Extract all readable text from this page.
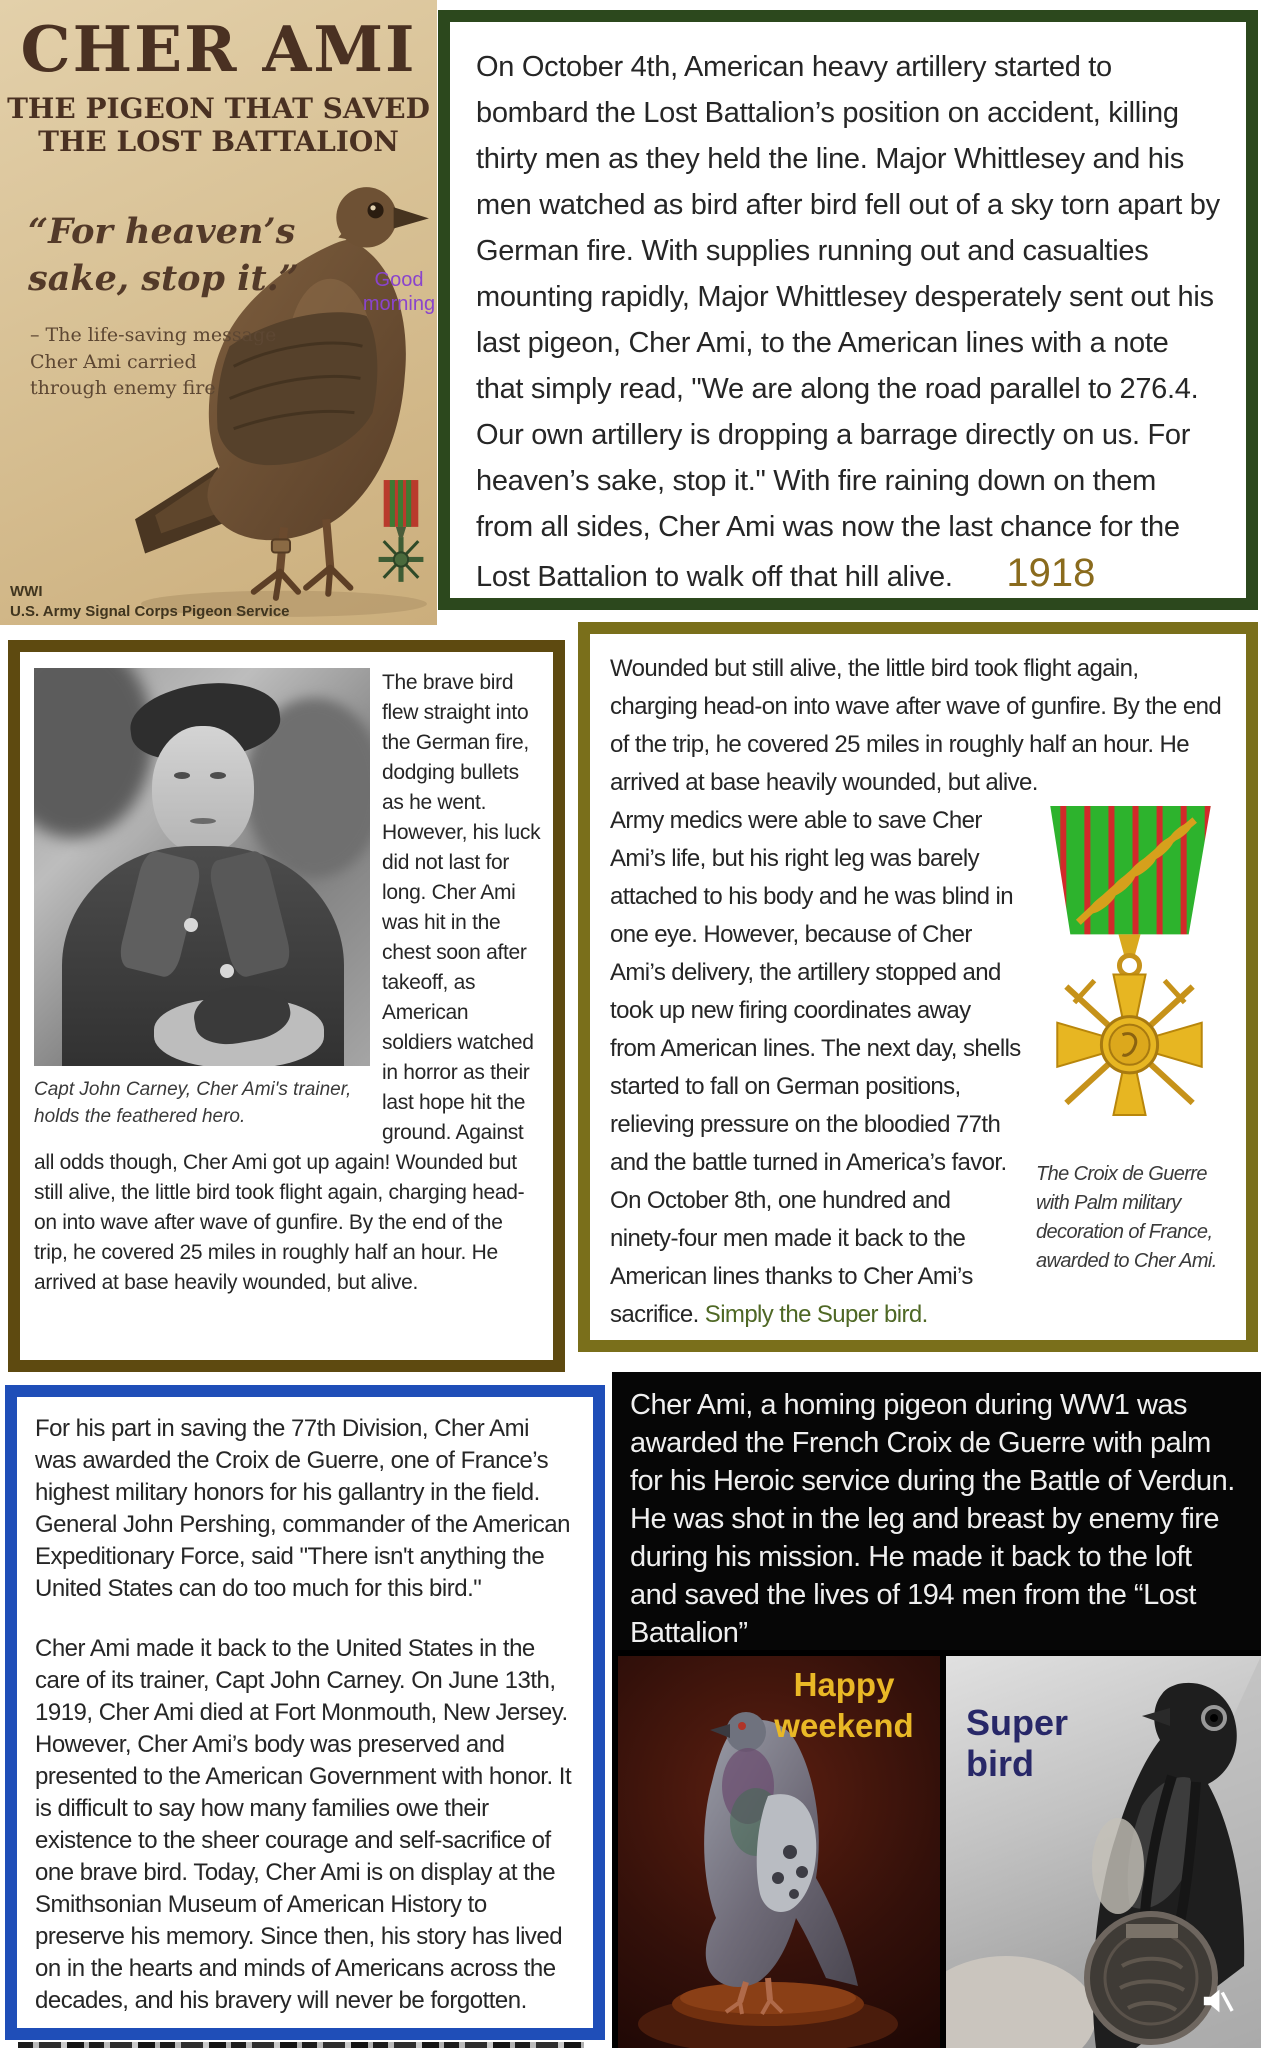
CHER AMI
THE PIGEON THAT SAVED
THE LOST BATTALION
“For heaven’s
sake, stop it.”
– The life-saving message
Cher Ami carried
through enemy fire
Good
morning
WWI
U.S. Army Signal Corps Pigeon Service

On October 4th, American heavy artillery started to bombard the Lost Battalion’s position on accident, killing thirty men as they held the line. Major Whittlesey and his men watched as bird after bird fell out of a sky torn apart by German fire. With supplies running out and casualties mounting rapidly, Major Whittlesey desperately sent out his last pigeon, Cher Ami, to the American lines with a note that simply read, "We are along the road parallel to 276.4. Our own artillery is dropping a barrage directly on us. For heaven’s sake, stop it." With fire raining down on them from all sides, Cher Ami was now the last chance for the Lost Battalion to walk off that hill alive. 1918

Capt John Carney, Cher Ami's trainer, holds the feathered hero.

The brave bird flew straight into the German fire, dodging bullets as he went. However, his luck did not last for long. Cher Ami was hit in the chest soon after takeoff, as American soldiers watched in horror as their last hope hit the ground. Against all odds though, Cher Ami got up again! Wounded but still alive, the little bird took flight again, charging head-on into wave after wave of gunfire. By the end of the trip, he covered 25 miles in roughly half an hour. He arrived at base heavily wounded, but alive.

Wounded but still alive, the little bird took flight again, charging head-on into wave after wave of gunfire. By the end of the trip, he covered 25 miles in roughly half an hour. He arrived at base heavily wounded, but alive.

The Croix de Guerre with Palm military decoration of France, awarded to Cher Ami.

Army medics were able to save Cher Ami’s life, but his right leg was barely attached to his body and he was blind in one eye. However, because of Cher Ami’s delivery, the artillery stopped and took up new firing coordinates away from American lines. The next day, shells started to fall on German positions, relieving pressure on the bloodied 77th and the battle turned in America’s favor. On October 8th, one hundred and ninety-four men made it back to the American lines thanks to Cher Ami’s sacrifice. Simply the Super bird.

For his part in saving the 77th Division, Cher Ami was awarded the Croix de Guerre, one of France’s highest military honors for his gallantry in the field. General John Pershing, commander of the American Expeditionary Force, said "There isn't anything the United States can do too much for this bird."

Cher Ami made it back to the United States in the care of its trainer, Capt John Carney. On June 13th, 1919, Cher Ami died at Fort Monmouth, New Jersey. However, Cher Ami’s body was preserved and presented to the American Government with honor. It is difficult to say how many families owe their existence to the sheer courage and self-sacrifice of one brave bird. Today, Cher Ami is on display at the Smithsonian Museum of American History to preserve his memory. Since then, his story has lived on in the hearts and minds of Americans across the decades, and his bravery will never be forgotten.

Cher Ami, a homing pigeon during WW1 was awarded the French Croix de Guerre with palm for his Heroic service during the Battle of Verdun. He was shot in the leg and breast by enemy fire during his mission. He made it back to the loft and saved the lives of 194 men from the “Lost Battalion”
Happy
weekend	Super
bird
